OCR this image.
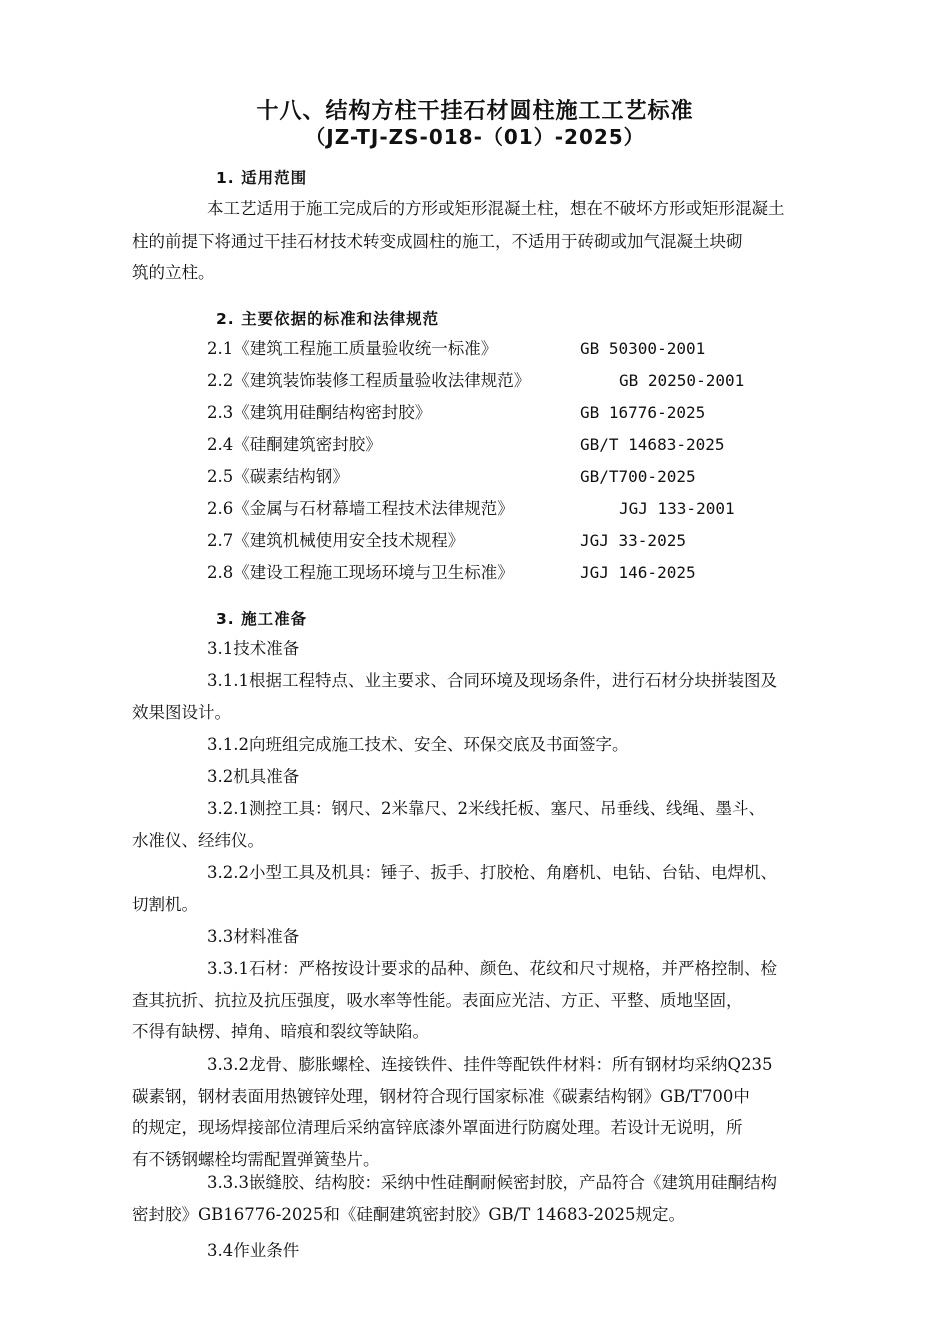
十八、结构方柱干挂石材圆柱施工工艺标准
（JZ-TJ-ZS-018-（01）-2025）
1. 适用范围

本工艺适用于施工完成后的方形或矩形混凝土柱，想在不破坏方形或矩形混凝土

柱的前提下将通过干挂石材技术转变成圆柱的施工，不适用于砖砌或加气混凝土块砌

筑的立柱。

2. 主要依据的标准和法律规范

2.1《建筑工程施工质量验收统一标准》	GB 50300-2001

2.2《建筑装饰装修工程质量验收法律规范》	GB 20250-2001

2.3《建筑用硅酮结构密封胶》	GB 16776-2025

2.4《硅酮建筑密封胶》	GB/T 14683-2025

2.5《碳素结构钢》	GB/T700-2025

2.6《金属与石材幕墙工程技术法律规范》	JGJ 133-2001

2.7《建筑机械使用安全技术规程》	JGJ 33-2025

2.8《建设工程施工现场环境与卫生标准》	JGJ 146-2025

3. 施工准备

3.1技术准备

3.1.1根据工程特点、业主要求、合同环境及现场条件，进行石材分块拼装图及

效果图设计。

3.1.2向班组完成施工技术、安全、环保交底及书面签字。

3.2机具准备

3.2.1测控工具：钢尺、2米靠尺、2米线托板、塞尺、吊垂线、线绳、墨斗、

水准仪、经纬仪。

3.2.2小型工具及机具：锤子、扳手、打胶枪、角磨机、电钻、台钻、电焊机、

切割机。

3.3材料准备

3.3.1石材：严格按设计要求的品种、颜色、花纹和尺寸规格，并严格控制、检

查其抗折、抗拉及抗压强度，吸水率等性能。表面应光洁、方正、平整、质地坚固，

不得有缺楞、掉角、暗痕和裂纹等缺陷。

3.3.2龙骨、膨胀螺栓、连接铁件、挂件等配铁件材料：所有钢材均采纳Q235

碳素钢，钢材表面用热镀锌处理，钢材符合现行国家标准《碳素结构钢》GB/T700中

的规定，现场焊接部位清理后采纳富锌底漆外罩面进行防腐处理。若设计无说明，所

有不锈钢螺栓均需配置弹簧垫片。

3.3.3嵌缝胶、结构胶：采纳中性硅酮耐候密封胶，产品符合《建筑用硅酮结构

密封胶》GB16776-2025和《硅酮建筑密封胶》GB/T 14683-2025规定。

3.4作业条件
